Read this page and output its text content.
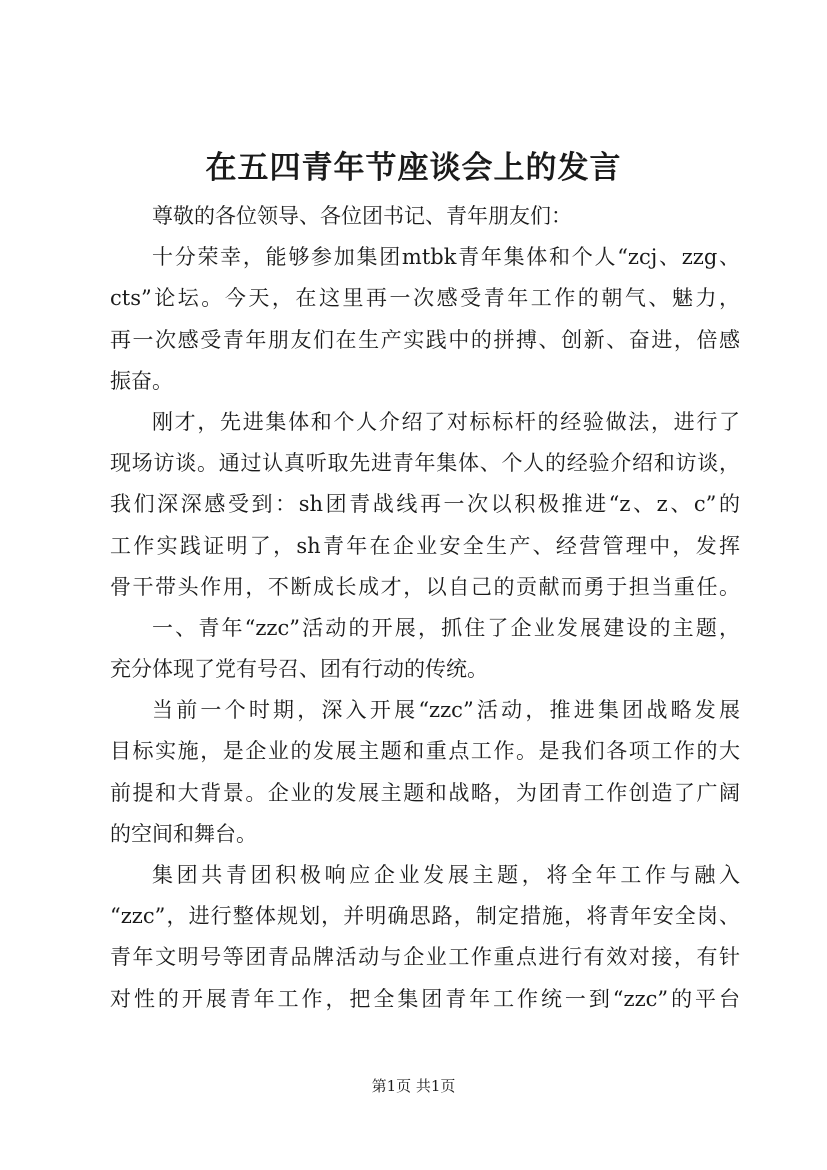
在五四青年节座谈会上的发言
尊敬的各位领导、各位团书记、青年朋友们：
十分荣幸，能够参加集团mtbk青年集体和个人“zcj、zzg、
cts”论坛。今天，在这里再一次感受青年工作的朝气、魅力，
再一次感受青年朋友们在生产实践中的拼搏、创新、奋进，倍感
振奋。
刚才，先进集体和个人介绍了对标标杆的经验做法，进行了
现场访谈。通过认真听取先进青年集体、个人的经验介绍和访谈，
我们深深感受到：sh团青战线再一次以积极推进“z、z、c”的
工作实践证明了，sh青年在企业安全生产、经营管理中，发挥
骨干带头作用，不断成长成才，以自己的贡献而勇于担当重任。
一、青年“zzc”活动的开展，抓住了企业发展建设的主题，
充分体现了党有号召、团有行动的传统。
当前一个时期，深入开展“zzc”活动，推进集团战略发展
目标实施，是企业的发展主题和重点工作。是我们各项工作的大
前提和大背景。企业的发展主题和战略，为团青工作创造了广阔
的空间和舞台。
集团共青团积极响应企业发展主题，将全年工作与融入
“zzc”，进行整体规划，并明确思路，制定措施，将青年安全岗、
青年文明号等团青品牌活动与企业工作重点进行有效对接，有针
对性的开展青年工作，把全集团青年工作统一到“zzc”的平台
第1页 共1页
